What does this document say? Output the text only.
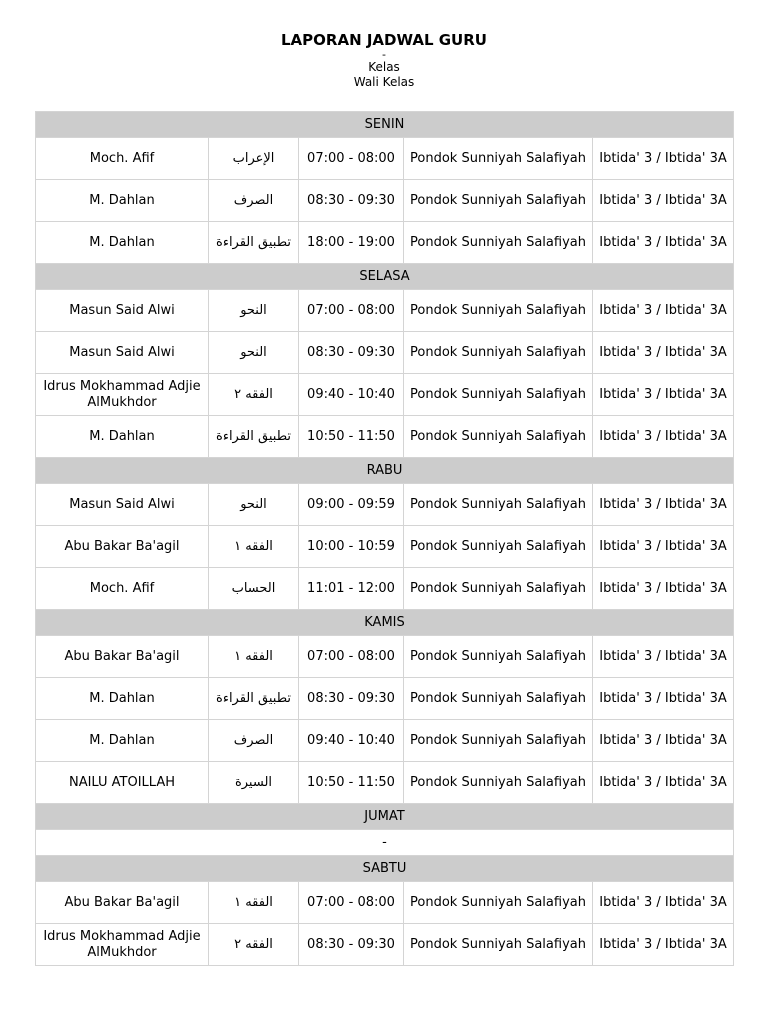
LAPORAN JADWAL GURU
-
Kelas
Wali Kelas
SENIN				
Moch. Afif	الإعراب	07:00 - 08:00	Pondok Sunniyah Salafiyah	Ibtida' 3 / Ibtida' 3A
M. Dahlan	الصرف	08:30 - 09:30	Pondok Sunniyah Salafiyah	Ibtida' 3 / Ibtida' 3A
M. Dahlan	تطبيق القراءة	18:00 - 19:00	Pondok Sunniyah Salafiyah	Ibtida' 3 / Ibtida' 3A
SELASA				
Masun Said Alwi	النحو	07:00 - 08:00	Pondok Sunniyah Salafiyah	Ibtida' 3 / Ibtida' 3A
Masun Said Alwi	النحو	08:30 - 09:30	Pondok Sunniyah Salafiyah	Ibtida' 3 / Ibtida' 3A
Idrus Mokhammad Adjie AlMukhdor	الفقه ٢	09:40 - 10:40	Pondok Sunniyah Salafiyah	Ibtida' 3 / Ibtida' 3A
M. Dahlan	تطبيق القراءة	10:50 - 11:50	Pondok Sunniyah Salafiyah	Ibtida' 3 / Ibtida' 3A
RABU				
Masun Said Alwi	النحو	09:00 - 09:59	Pondok Sunniyah Salafiyah	Ibtida' 3 / Ibtida' 3A
Abu Bakar Ba'agil	الفقه ١	10:00 - 10:59	Pondok Sunniyah Salafiyah	Ibtida' 3 / Ibtida' 3A
Moch. Afif	الحساب	11:01 - 12:00	Pondok Sunniyah Salafiyah	Ibtida' 3 / Ibtida' 3A
KAMIS				
Abu Bakar Ba'agil	الفقه ١	07:00 - 08:00	Pondok Sunniyah Salafiyah	Ibtida' 3 / Ibtida' 3A
M. Dahlan	تطبيق القراءة	08:30 - 09:30	Pondok Sunniyah Salafiyah	Ibtida' 3 / Ibtida' 3A
M. Dahlan	الصرف	09:40 - 10:40	Pondok Sunniyah Salafiyah	Ibtida' 3 / Ibtida' 3A
NAILU ATOILLAH	السيرة	10:50 - 11:50	Pondok Sunniyah Salafiyah	Ibtida' 3 / Ibtida' 3A
JUMAT				
-				
SABTU				
Abu Bakar Ba'agil	الفقه ١	07:00 - 08:00	Pondok Sunniyah Salafiyah	Ibtida' 3 / Ibtida' 3A
Idrus Mokhammad Adjie AlMukhdor	الفقه ٢	08:30 - 09:30	Pondok Sunniyah Salafiyah	Ibtida' 3 / Ibtida' 3A
